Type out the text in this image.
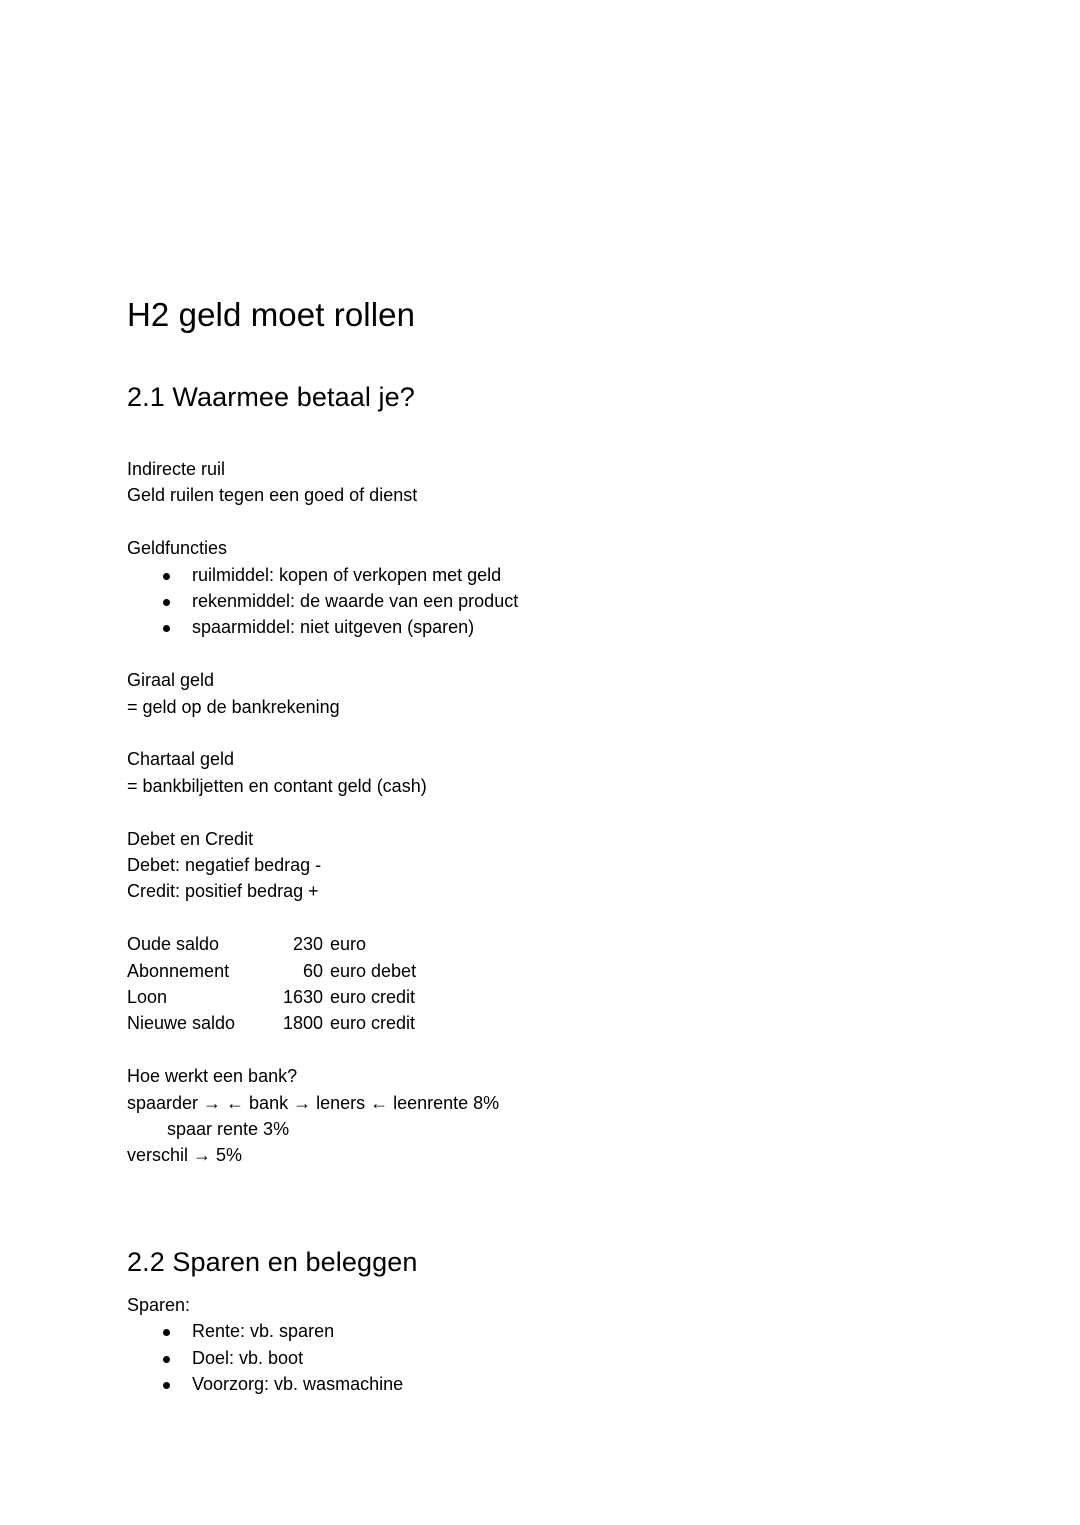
H2 geld moet rollen
2.1 Waarmee betaal je?
Indirecte ruil
Geld ruilen tegen een goed of dienst
Geldfuncties
ruilmiddel: kopen of verkopen met geld
rekenmiddel: de waarde van een product
spaarmiddel: niet uitgeven (sparen)
Giraal geld
= geld op de bankrekening
Chartaal geld
= bankbiljetten en contant geld (cash)
Debet en Credit
Debet: negatief bedrag -
Credit: positief bedrag +
Oude saldo	230	euro
Abonnement	60	euro debet
Loon	1630	euro credit
Nieuwe saldo	1800	euro credit
Hoe werkt een bank?
spaarder → ← bank → leners ← leenrente 8%
spaar rente 3%
verschil → 5%
2.2 Sparen en beleggen
Sparen:
Rente: vb. sparen
Doel: vb. boot
Voorzorg: vb. wasmachine
